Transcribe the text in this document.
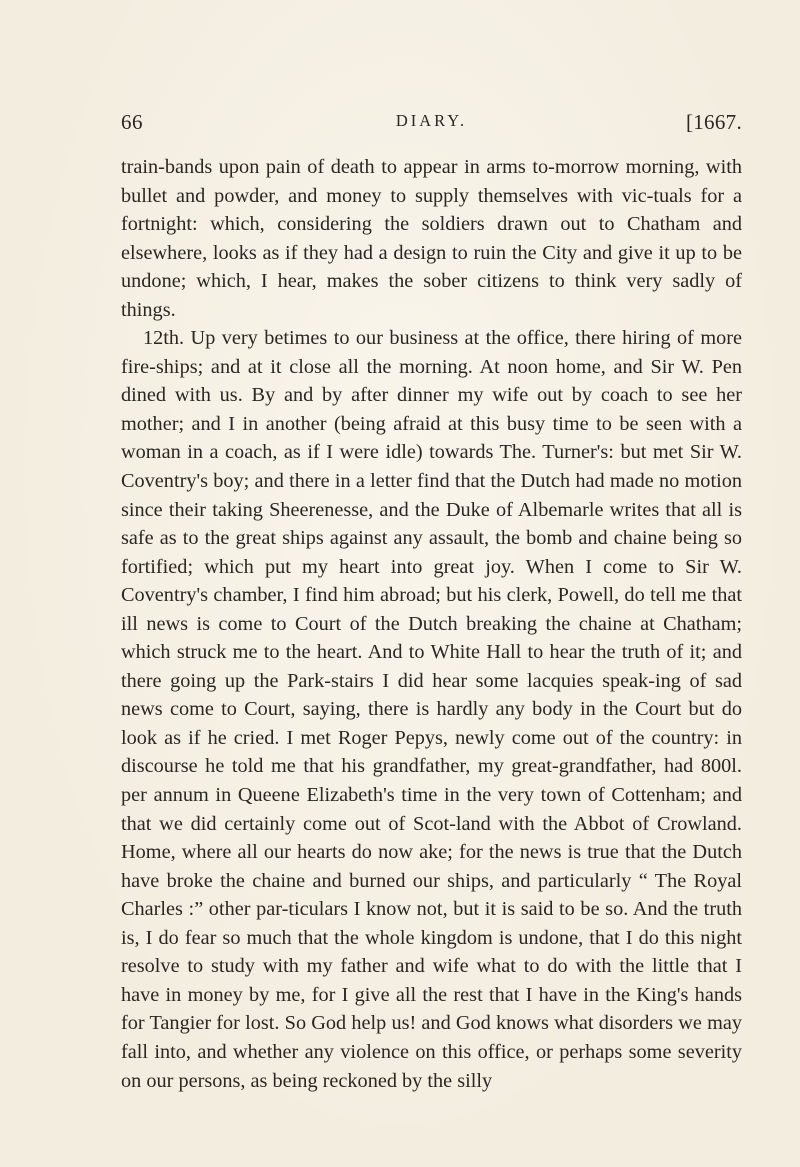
66	DIARY.	[1667.

train-bands upon pain of death to appear in arms to-morrow morning, with bullet and powder, and money to supply themselves with vic-tuals for a fortnight: which, considering the soldiers drawn out to Chatham and elsewhere, looks as if they had a design to ruin the City and give it up to be undone; which, I hear, makes the sober citizens to think very sadly of things.

12th. Up very betimes to our business at the office, there hiring of more fire-ships; and at it close all the morning. At noon home, and Sir W. Pen dined with us. By and by after dinner my wife out by coach to see her mother; and I in another (being afraid at this busy time to be seen with a woman in a coach, as if I were idle) towards The. Turner's: but met Sir W. Coventry's boy; and there in a letter find that the Dutch had made no motion since their taking Sheerenesse, and the Duke of Albemarle writes that all is safe as to the great ships against any assault, the bomb and chaine being so fortified; which put my heart into great joy. When I come to Sir W. Coventry's chamber, I find him abroad; but his clerk, Powell, do tell me that ill news is come to Court of the Dutch breaking the chaine at Chatham; which struck me to the heart. And to White Hall to hear the truth of it; and there going up the Park-stairs I did hear some lacquies speak-ing of sad news come to Court, saying, there is hardly any body in the Court but do look as if he cried. I met Roger Pepys, newly come out of the country: in discourse he told me that his grandfather, my great-grandfather, had 800l. per annum in Queene Elizabeth's time in the very town of Cottenham; and that we did certainly come out of Scot-land with the Abbot of Crowland. Home, where all our hearts do now ake; for the news is true that the Dutch have broke the chaine and burned our ships, and particularly “ The Royal Charles :” other par-ticulars I know not, but it is said to be so. And the truth is, I do fear so much that the whole kingdom is undone, that I do this night resolve to study with my father and wife what to do with the little that I have in money by me, for I give all the rest that I have in the King's hands for Tangier for lost. So God help us! and God knows what disorders we may fall into, and whether any violence on this office, or perhaps some severity on our persons, as being reckoned by the silly
